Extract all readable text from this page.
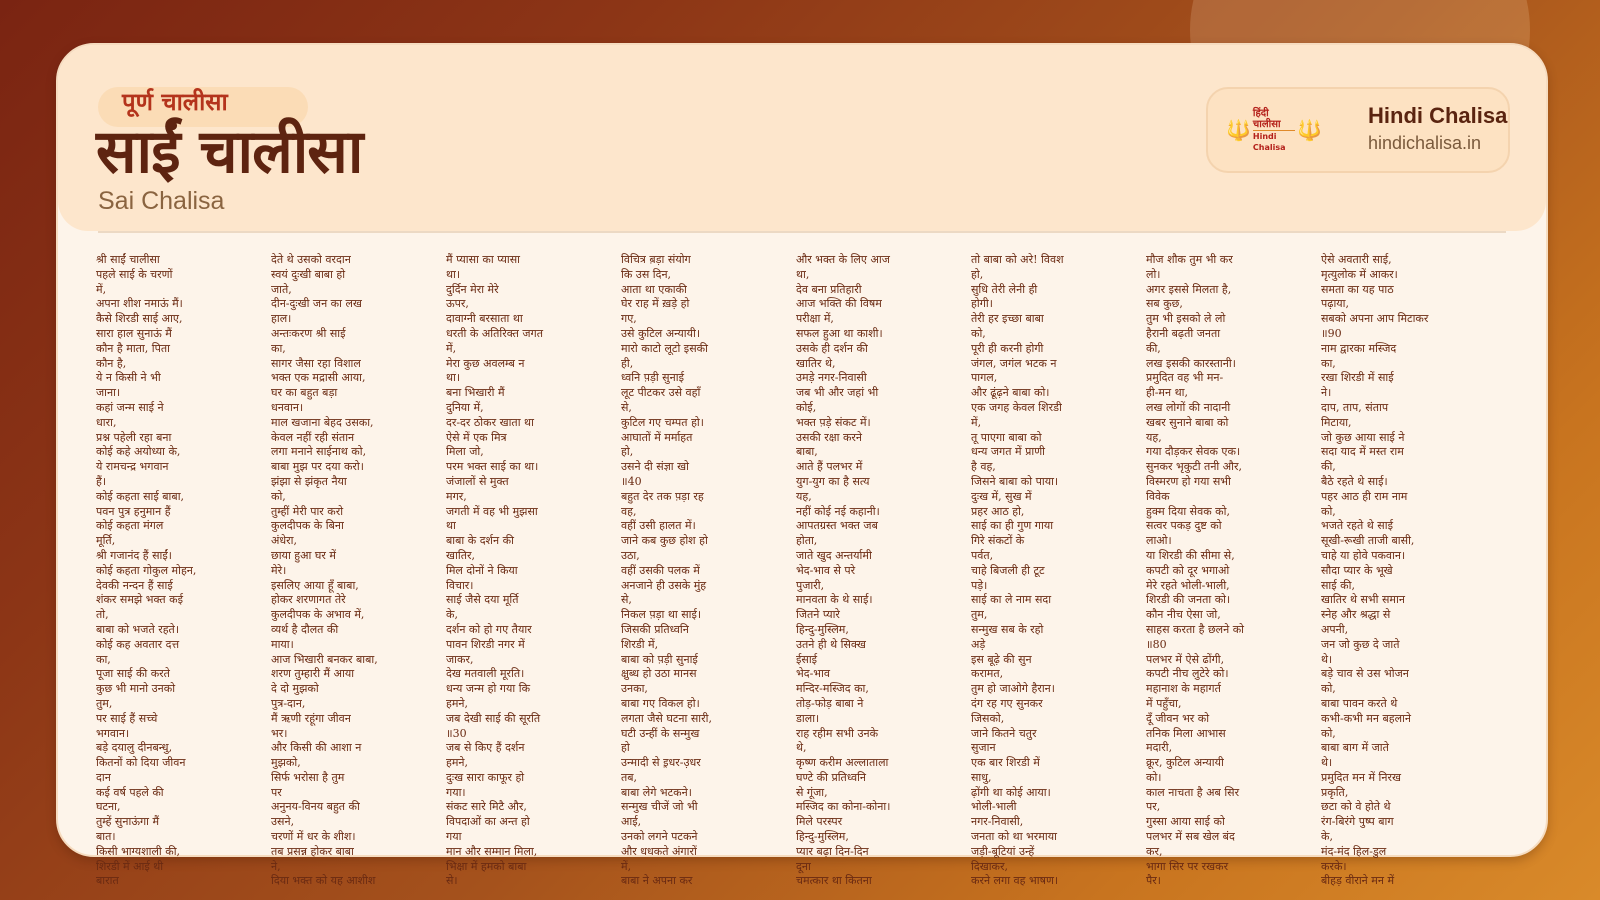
पूर्ण चालीसा
साईं चालीसा
Sai Chalisa
🔱
हिंदी चालीसा
Hindi Chalisa
🔱
Hindi Chalisa
hindichalisa.in
श्री साईं चालीसा
पहले साई के चरणों
में,
अपना शीश नमाऊं मैं।
कैसे शिरडी साई आए,
सारा हाल सुनाऊं मैं
कौन है माता, पिता
कौन है,
ये न किसी ने भी
जाना।
कहां जन्म साई ने
धारा,
प्रश्न पहेली रहा बना
कोई कहे अयोध्या के,
ये रामचन्द्र भगवान
हैं।
कोई कहता साई बाबा,
पवन पुत्र हनुमान हैं
कोई कहता मंगल
मूर्ति,
श्री गजानंद हैं साईं।
कोई कहता गोकुल मोहन,
देवकी नन्दन हैं साई
शंकर समझे भक्त कई
तो,
बाबा को भजते रहते।
कोई कह अवतार दत्त
का,
पूजा साई की करते
कुछ भी मानो उनको
तुम,
पर साई हैं सच्चे
भगवान।
बड़े दयालु दीनबन्धु,
कितनों को दिया जीवन
दान
कई वर्ष पहले की
घटना,
तुम्हें सुनाऊंगा मैं
बात।
किसी भाग्यशाली की,
शिरडी में आई थी
बारात
देते थे उसको वरदान
स्वयं दुःखी बाबा हो
जाते,
दीन-दुःखी जन का लख
हाल।
अन्तःकरण श्री साई
का,
सागर जैसा रहा विशाल
भक्त एक मद्रासी आया,
घर का बहुत बड़ा
धनवान।
माल खजाना बेहद उसका,
केवल नहीं रही संतान
लगा मनाने साईनाथ को,
बाबा मुझ पर दया करो।
झंझा से झंकृत नैया
को,
तुम्हीं मेरी पार करो
कुलदीपक के बिना
अंधेरा,
छाया हुआ घर में
मेरे।
इसलिए आया हूँ बाबा,
होकर शरणागत तेरे
कुलदीपक के अभाव में,
व्यर्थ है दौलत की
माया।
आज भिखारी बनकर बाबा,
शरण तुम्हारी मैं आया
दे दो मुझको
पुत्र-दान,
मैं ऋणी रहूंगा जीवन
भर।
और किसी की आशा न
मुझको,
सिर्फ भरोसा है तुम
पर
अनुनय-विनय बहुत की
उसने,
चरणों में धर के शीश।
तब प्रसन्न होकर बाबा
ने,
दिया भक्त को यह आशीश
मैं प्यासा का प्यासा
था।
दुर्दिन मेरा मेरे
ऊपर,
दावाग्नी बरसाता था
धरती के अतिरिक्त जगत
में,
मेरा कुछ अवलम्ब न
था।
बना भिखारी मैं
दुनिया में,
दर-दर ठोकर खाता था
ऐसे में एक मित्र
मिला जो,
परम भक्त साई का था।
जंजालों से मुक्त
मगर,
जगती में वह भी मुझसा
था
बाबा के दर्शन की
खातिर,
मिल दोनों ने किया
विचार।
साई जैसे दया मूर्ति
के,
दर्शन को हो गए तैयार
पावन शिरडी नगर में
जाकर,
देख मतवाली मूरति।
धन्य जन्म हो गया कि
हमने,
जब देखी साई की सूरति
॥30
जब से किए हैं दर्शन
हमने,
दुःख सारा काफूर हो
गया।
संकट सारे मिटै और,
विपदाओं का अन्त हो
गया
मान और सम्मान मिला,
भिक्षा में हमको बाबा
से।
विचित्र ब़ड़ा संयोग
कि उस दिन,
आता था एकाकी
घेर राह में ख़ड़े हो
गए,
उसे कुटिल अन्यायी।
मारो काटो लूटो इसकी
ही,
ध्वनि प़ड़ी सुनाई
लूट पीटकर उसे वहाँ
से,
कुटिल गए चम्पत हो।
आघातों में मर्माहत
हो,
उसने दी संज्ञा खो
॥40
बहुत देर तक प़ड़ा रह
वह,
वहीं उसी हालत में।
जाने कब कुछ होश हो
उठा,
वहीं उसकी पलक में
अनजाने ही उसके मुंह
से,
निकल प़ड़ा था साई।
जिसकी प्रतिध्वनि
शिरडी में,
बाबा को प़ड़ी सुनाई
क्षुब्ध हो उठा मानस
उनका,
बाबा गए विकल हो।
लगता जैसे घटना सारी,
घटी उन्हीं के सन्मुख
हो
उन्मादी से इ़धर-उ़धर
तब,
बाबा लेगे भटकने।
सन्मुख चीजें जो भी
आई,
उनको लगने पटकने
और धधकते अंगारों
में,
बाबा ने अपना कर
और भक्त के लिए आज
था,
देव बना प्रतिहारी
आज भक्ति की विषम
परीक्षा में,
सफल हुआ था काशी।
उसके ही दर्शन की
खातिर थे,
उमड़े नगर-निवासी
जब भी और जहां भी
कोई,
भक्त प़ड़े संकट में।
उसकी रक्षा करने
बाबा,
आते हैं पलभर में
युग-युग का है सत्य
यह,
नहीं कोई नई कहानी।
आपतग्रस्त भक्त जब
होता,
जाते खुद अन्तर्यामी
भेद-भाव से परे
पुजारी,
मानवता के थे साई।
जितने प्यारे
हिन्दु-मुस्लिम,
उतने ही थे सिक्ख
ईसाई
भेद-भाव
मन्दिर-मस्जिद का,
तोड़-फोड़ बाबा ने
डाला।
राह रहीम सभी उनके
थे,
कृष्ण करीम अल्लाताला
घण्टे की प्रतिध्वनि
से गूंजा,
मस्जिद का कोना-कोना।
मिले परस्पर
हिन्दु-मुस्लिम,
प्यार बढ़ा दिन-दिन
दूना
चमत्कार था कितना
तो बाबा को अरे! विवश
हो,
सुधि तेरी लेनी ही
होगी।
तेरी हर इच्छा बाबा
को,
पूरी ही करनी होगी
जंगल, जगंल भटक न
पागल,
और ढूंढ़ने बाबा को।
एक जगह केवल शिरडी
में,
तू पाएगा बाबा को
धन्य जगत में प्राणी
है वह,
जिसने बाबा को पाया।
दुःख में, सुख में
प्रहर आठ हो,
साई का ही गुण गाया
गिरे संकटों के
पर्वत,
चाहे बिजली ही टूट
पड़े।
साई का ले नाम सदा
तुम,
सन्मुख सब के रहो
अड़े
इस बूढ़े की सुन
करामत,
तुम हो जाओगे हैरान।
दंग रह गए सुनकर
जिसको,
जाने कितने चतुर
सुजान
एक बार शिरडी में
साधु,
ढ़ोंगी था कोई आया।
भोली-भाली
नगर-निवासी,
जनता को था भरमाया
जड़ी-बूटियां उन्हें
दिखाकर,
करने लगा वह भाषण।
मौज शौक तुम भी कर
लो।
अगर इससे मिलता है,
सब कुछ,
तुम भी इसको ले लो
हैरानी बढ़ती जनता
की,
लख इसकी कारस्तानी।
प्रमुदित वह भी मन-
ही-मन था,
लख लोगों की नादानी
खबर सुनाने बाबा को
यह,
गया दौड़कर सेवक एक।
सुनकर भृकुटी तनी और,
विस्मरण हो गया सभी
विवेक
हुक्म दिया सेवक को,
सत्वर पकड़ दुष्ट को
लाओ।
या शिरडी की सीमा से,
कपटी को दूर भगाओ
मेरे रहते भोली-भाली,
शिरडी की जनता को।
कौन नीच ऐसा जो,
साहस करता है छलने को
॥80
पलभर में ऐसे ढोंगी,
कपटी नीच लुटेरे को।
महानाश के महागर्त
में पहुँचा,
दूँ जीवन भर को
तनिक मिला आभास
मदारी,
क्रूर, कुटिल अन्यायी
को।
काल नाचता है अब सिर
पर,
गुस्सा आया साई को
पलभर में सब खेल बंद
कर,
भागा सिर पर रखकर
पैर।
ऐसे अवतारी साई,
मृत्युलोक में आकर।
समता का यह पाठ
पढ़ाया,
सबको अपना आप मिटाकर
॥90
नाम द्वारका मस्जिद
का,
रखा शिरडी में साई
ने।
दाप, ताप, संताप
मिटाया,
जो कुछ आया साई ने
सदा याद में मस्त राम
की,
बैठे रहते थे साई।
पहर आठ ही राम नाम
को,
भजते रहते थे साई
सूखी-रूखी ताजी बासी,
चाहे या होवे पकवान।
सौदा प्यार के भूखे
साई की,
खातिर थे सभी समान
स्नेह और श्रद्धा से
अपनी,
जन जो कुछ दे जाते
थे।
बड़े चाव से उस भोजन
को,
बाबा पावन करते थे
कभी-कभी मन बहलाने
को,
बाबा बाग में जाते
थे।
प्रमुदित मन में निरख
प्रकृति,
छटा को वे होते थे
रंग-बिरंगे पुष्प बाग
के,
मंद-मंद हिल-डुल
करके।
बीहड़ वीराने मन में
